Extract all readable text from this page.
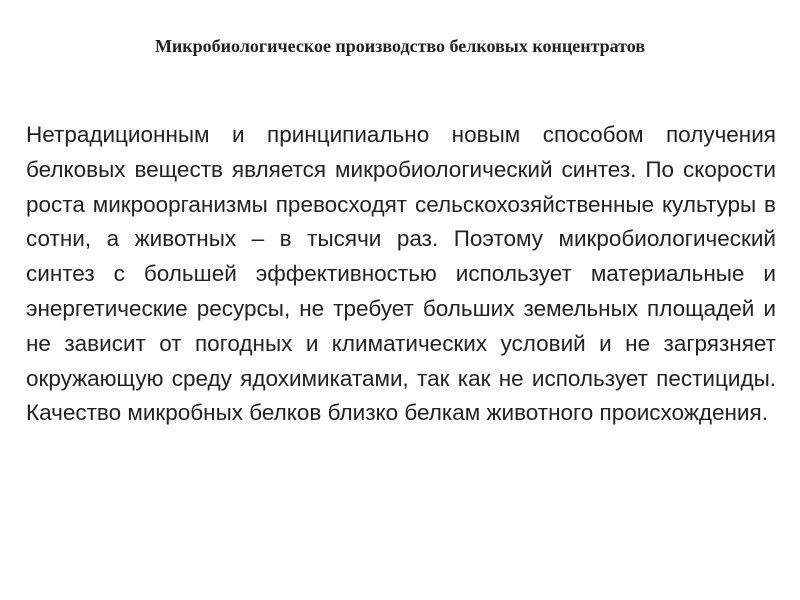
Микробиологическое производство белковых концентратов

Нетрадиционным и принципиально новым способом получения белковых веществ является микробиологический синтез. По скорости роста микроорганизмы превосходят сельскохозяйственные культуры в сотни, а животных – в тысячи раз. Поэтому микробиологический синтез с большей эффективностью использует материальные и энергетические ресурсы, не требует больших земельных площадей и не зависит от погодных и климатических условий и не загрязняет окружающую среду ядохимикатами, так как не использует пестициды. Качество микробных белков близко белкам животного происхождения.
